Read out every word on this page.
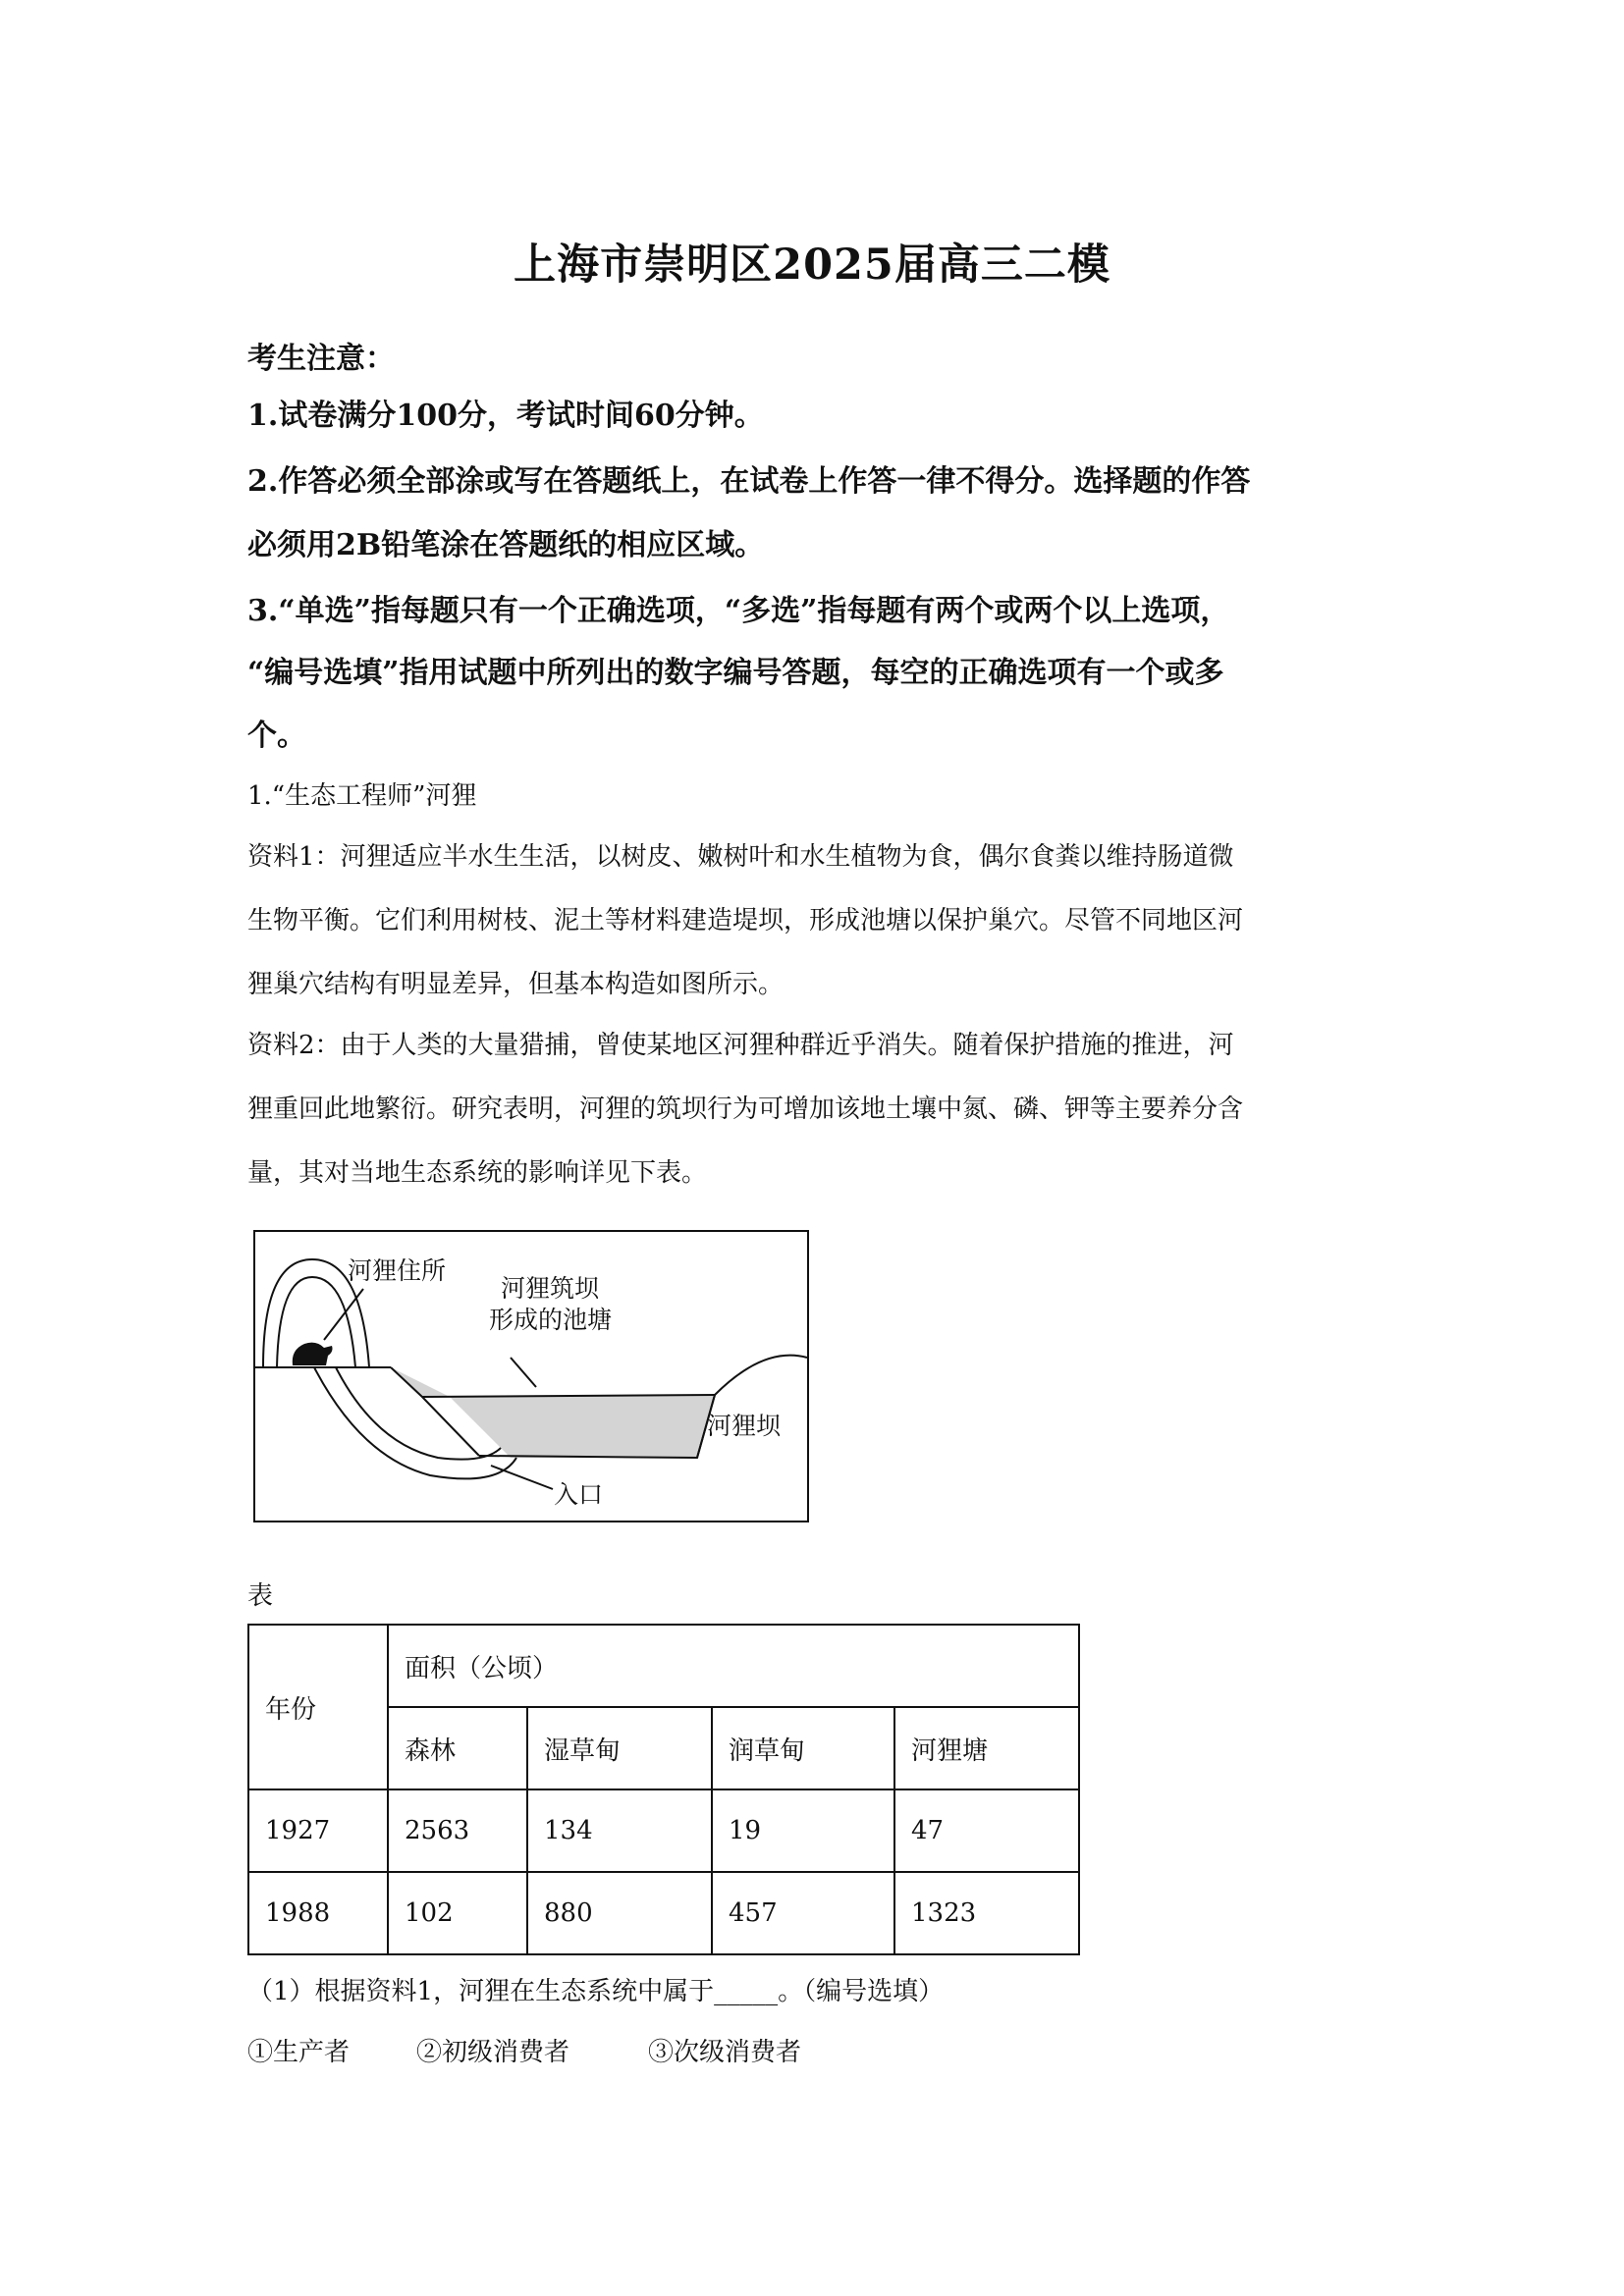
上海市崇明区2025届高三二模

考生注意：

1.试卷满分100分，考试时间60分钟。

2.作答必须全部涂或写在答题纸上，在试卷上作答一律不得分。选择题的作答

必须用2B铅笔涂在答题纸的相应区域。

3.“单选”指每题只有一个正确选项，“多选”指每题有两个或两个以上选项，

“编号选填”指用试题中所列出的数字编号答题，每空的正确选项有一个或多

个。

1.“生态工程师”河狸

资料1：河狸适应半水生生活，以树皮、嫩树叶和水生植物为食，偶尔食粪以维持肠道微

生物平衡。它们利用树枝、泥土等材料建造堤坝，形成池塘以保护巢穴。尽管不同地区河

狸巢穴结构有明显差异，但基本构造如图所示。

资料2：由于人类的大量猎捕，曾使某地区河狸种群近乎消失。随着保护措施的推进，河

狸重回此地繁衍。研究表明，河狸的筑坝行为可增加该地土壤中氮、磷、钾等主要养分含

量，其对当地生态系统的影响详见下表。

河狸住所
河狸筑坝
形成的池塘
河狸坝
入口
表
年份	面积（公顷）			
	森林	湿草甸	润草甸	河狸塘
1927	2563	134	19	47
1988	102	880	457	1323
（1）根据资料1，河狸在生态系统中属于_____。（编号选填）
①生产者	②初级消费者	③次级消费者
